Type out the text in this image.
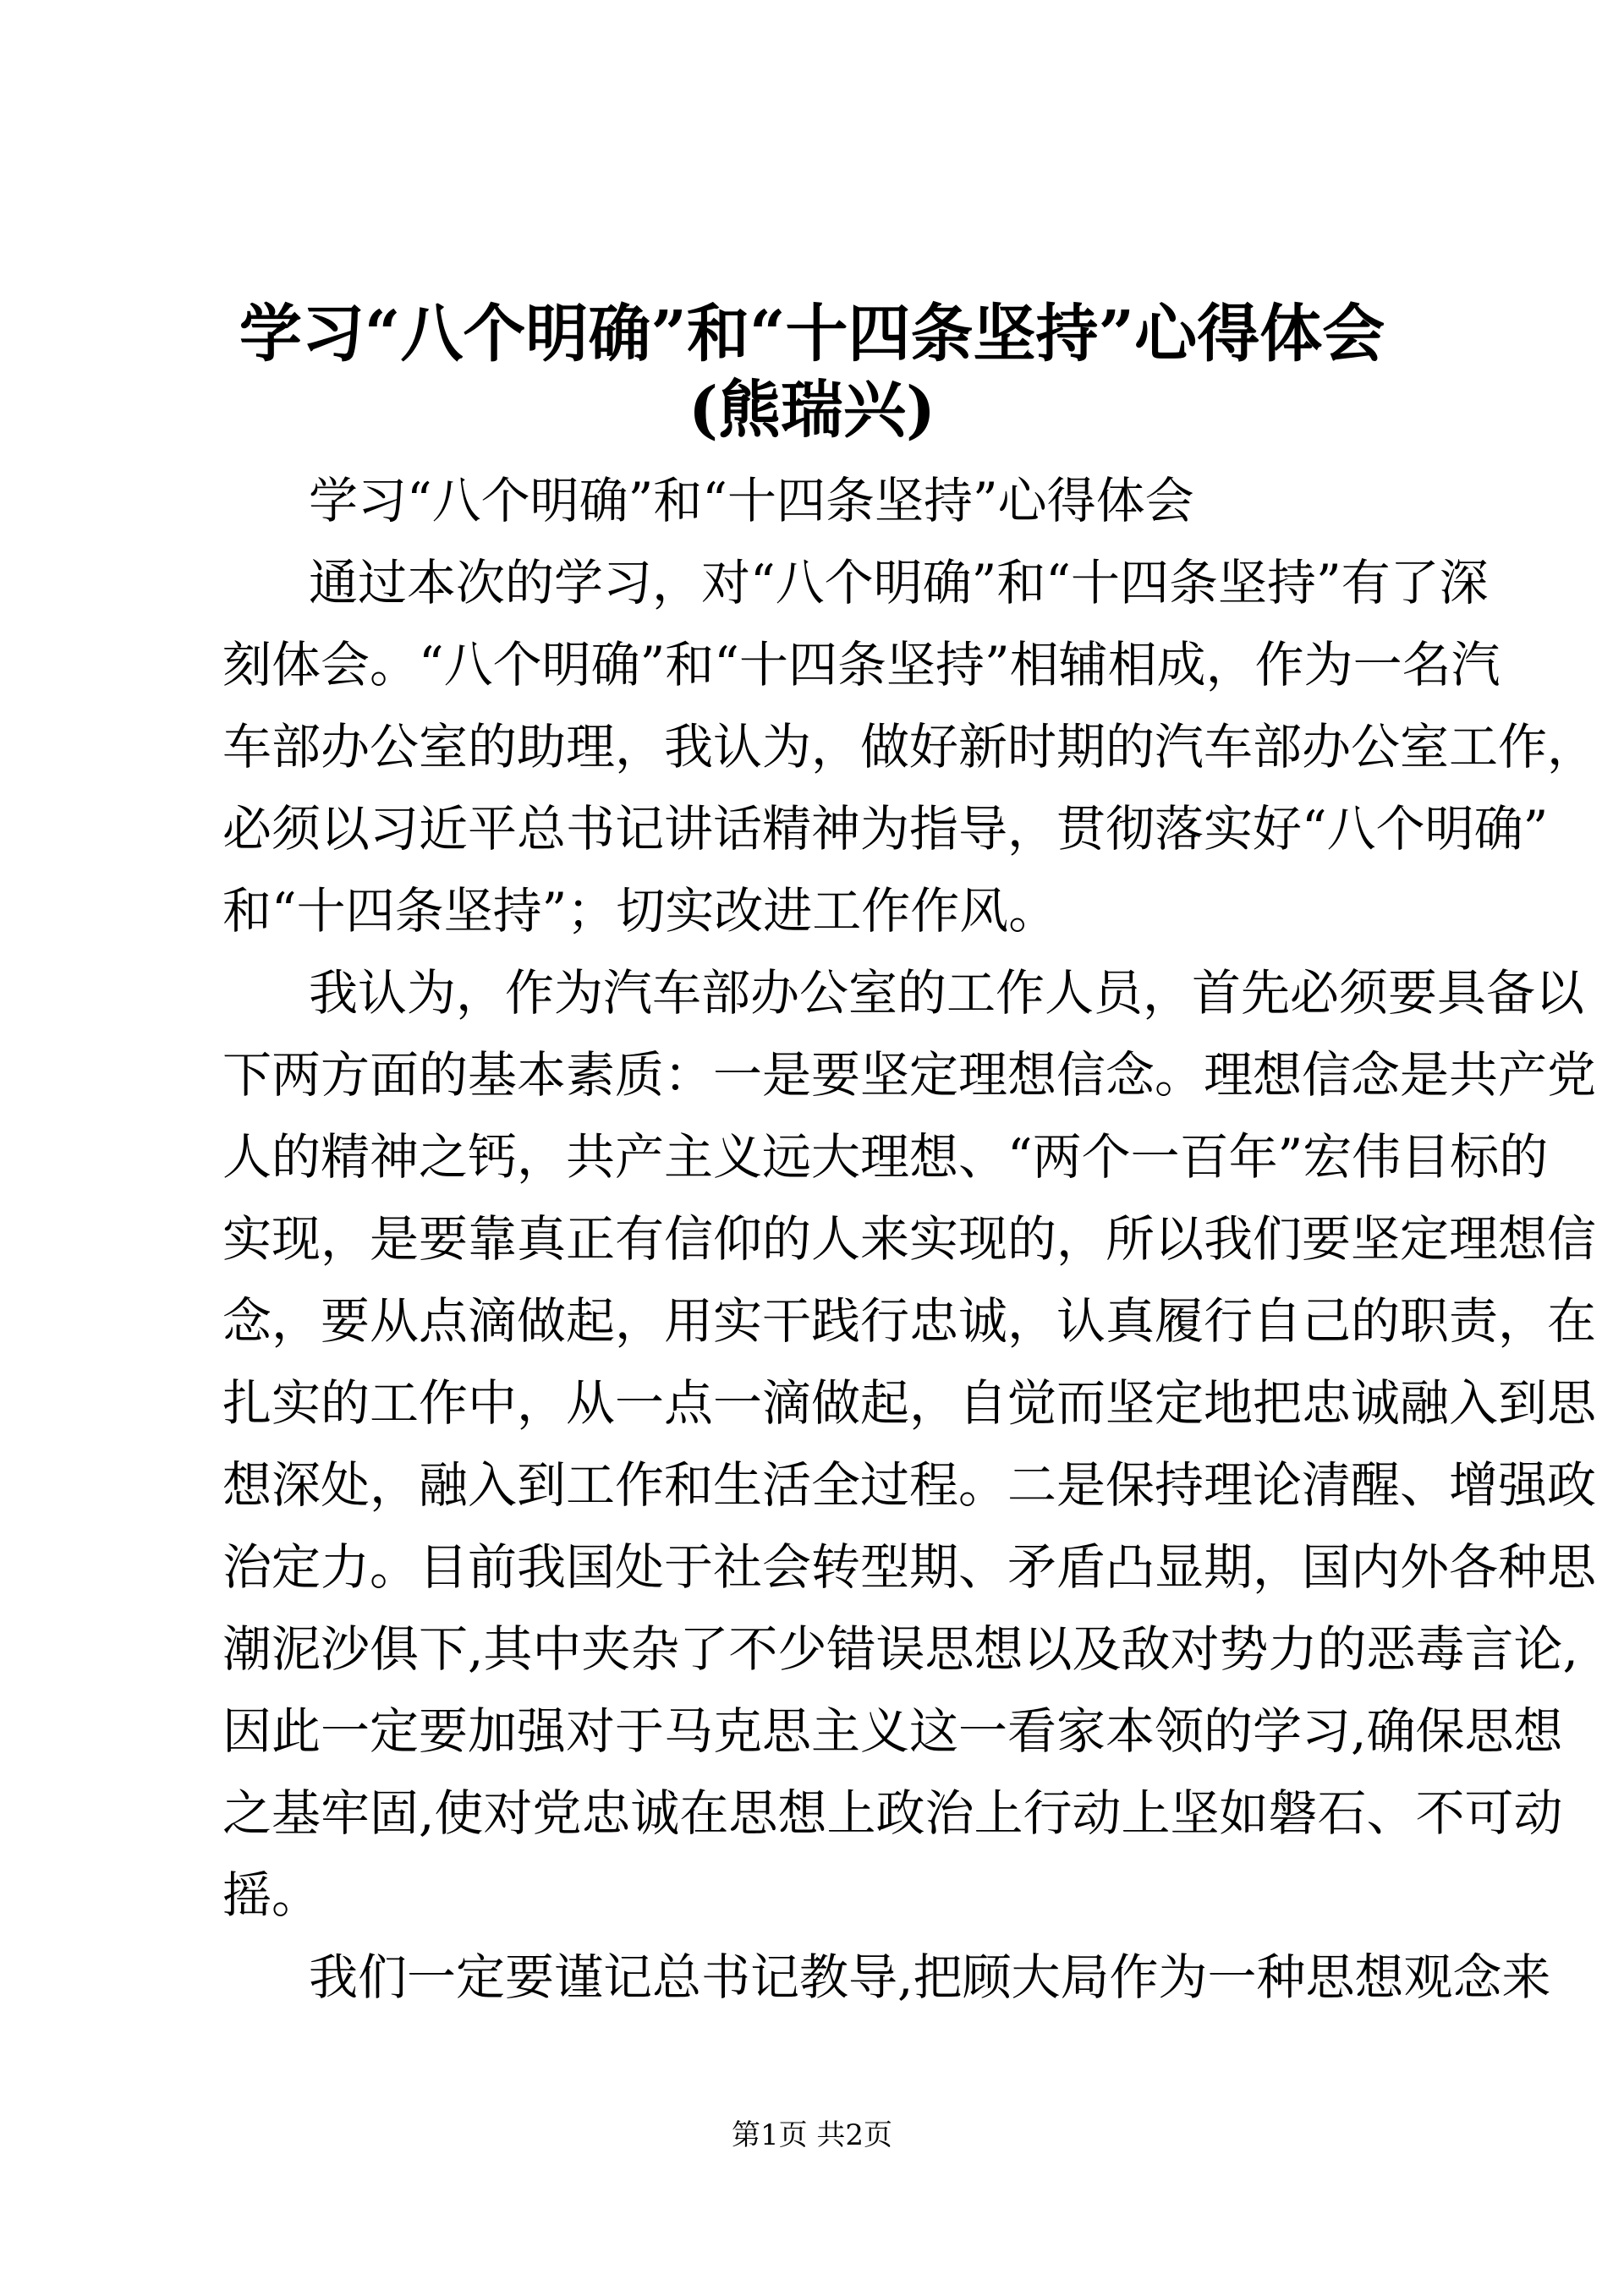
学习“八个明确”和“十四条坚持”心得体会
(熊瑞兴)
学习“八个明确”和“十四条坚持”心得体会
通过本次的学习，对“八个明确”和“十四条坚持”有了深
刻体会。“八个明确”和“十四条坚持”相辅相成，作为一名汽
车部办公室的助理，我认为，做好新时期的汽车部办公室工作，
必须以习近平总书记讲话精神为指导，贯彻落实好“八个明确”
和“十四条坚持”；切实改进工作作风。
我认为，作为汽车部办公室的工作人员，首先必须要具备以
下两方面的基本素质：一是要坚定理想信念。理想信念是共产党
人的精神之钙，共产主义远大理想、“两个一百年”宏伟目标的
实现，是要靠真正有信仰的人来实现的，所以我们要坚定理想信
念，要从点滴做起，用实干践行忠诚，认真履行自己的职责，在
扎实的工作中，从一点一滴做起，自觉而坚定地把忠诚融入到思
想深处，融入到工作和生活全过程。二是保持理论清醒、增强政
治定力。目前我国处于社会转型期、矛盾凸显期，国内外各种思
潮泥沙俱下,其中夹杂了不少错误思想以及敌对势力的恶毒言论,
因此一定要加强对于马克思主义这一看家本领的学习,确保思想
之基牢固,使对党忠诚在思想上政治上行动上坚如磐石、不可动
摇。
我们一定要谨记总书记教导,把顾大局作为一种思想观念来
第1页 共2页
